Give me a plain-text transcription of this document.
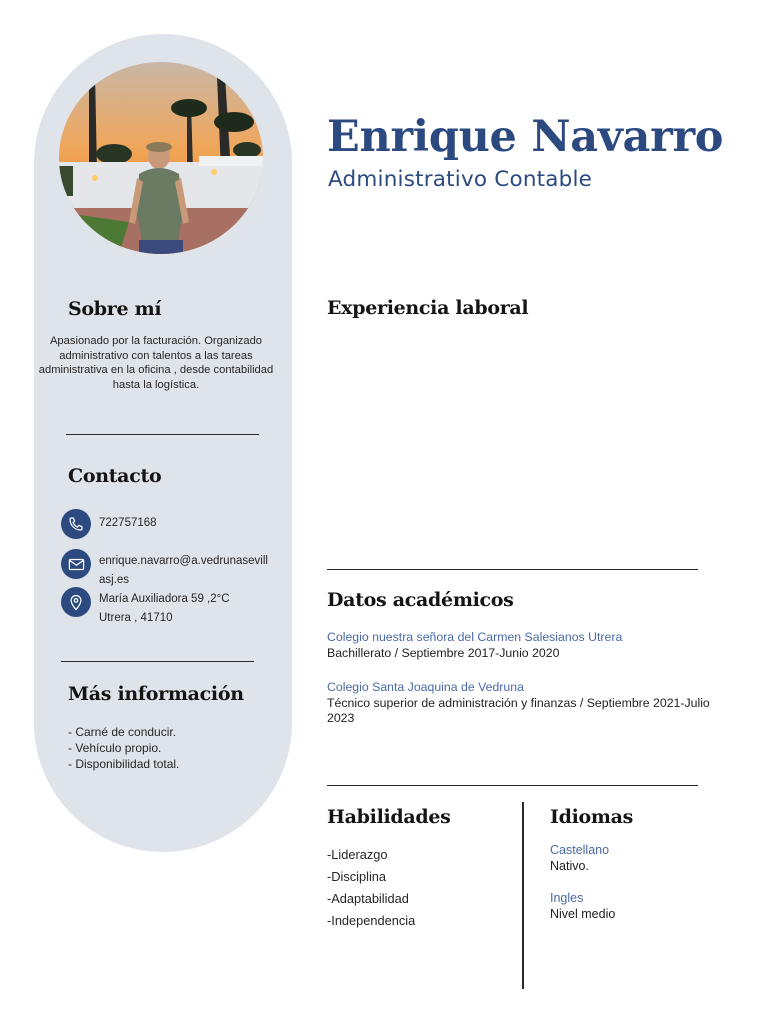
Sobre mí
Apasionado por la facturación. Organizado administrativo con talentos a las tareas administrativa en la oficina , desde contabilidad hasta la logística.
Contacto
722757168
enrique.navarro@a.vedrunasevill
asj.es
María Auxiliadora 59 ,2°C
Utrera , 41710
Más información
- Carné de conducir.
- Vehículo propio.
- Disponibilidad total.
Enrique Navarro
Administrativo Contable
Experiencia laboral
Datos académicos
Colegio nuestra señora del Carmen Salesianos Utrera
Bachillerato / Septiembre 2017-Junio 2020
Colegio Santa Joaquina de Vedruna
Técnico superior de administración y finanzas / Septiembre 2021-Julio 2023
Habilidades
-Liderazgo
-Disciplina
-Adaptabilidad
-Independencia
Idiomas
Castellano
Nativo.
Ingles
Nivel medio
